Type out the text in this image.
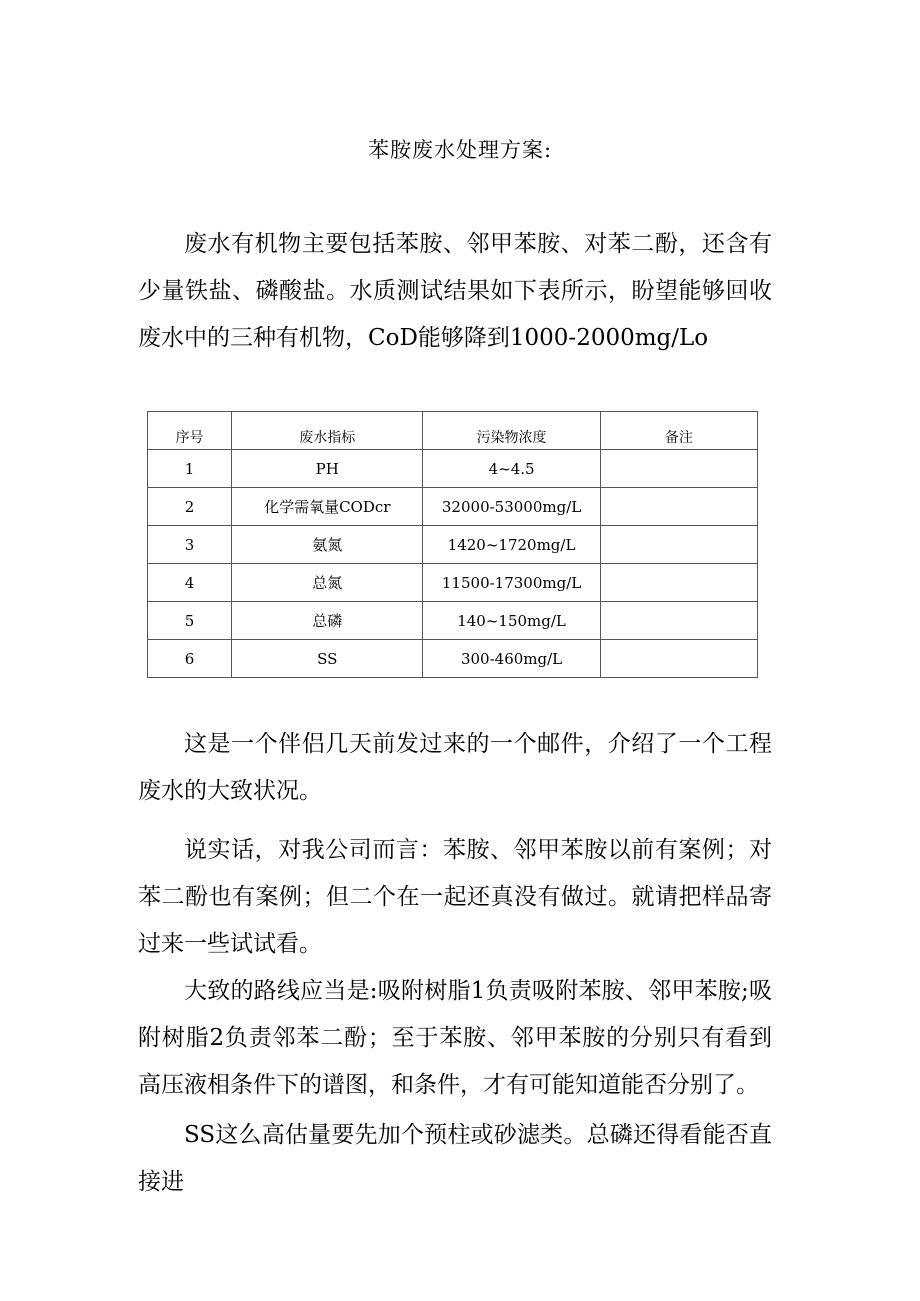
苯胺废水处理方案:

废水有机物主要包括苯胺、邻甲苯胺、对苯二酚，还含有少量铁盐、磷酸盐。水质测试结果如下表所示，盼望能够回收废水中的三种有机物，CoD能够降到1000-2000mg∕Lo

序号	废水指标	污染物浓度	备注
1	PH	4~4.5	
2	化学需氧量CODcr	32000-53000mg/L	
3	氨氮	1420~1720mg/L	
4	总氮	11500-17300mg/L	
5	总磷	140~150mg/L	
6	SS	300-460mg/L	

这是一个伴侣几天前发过来的一个邮件，介绍了一个工程废水的大致状况。

说实话，对我公司而言：苯胺、邻甲苯胺以前有案例；对苯二酚也有案例；但二个在一起还真没有做过。就请把样品寄过来一些试试看。

大致的路线应当是:吸附树脂1负责吸附苯胺、邻甲苯胺;吸附树脂2负责邻苯二酚；至于苯胺、邻甲苯胺的分别只有看到高压液相条件下的谱图，和条件，才有可能知道能否分别了。

SS这么高估量要先加个预柱或砂滤类。总磷还得看能否直接进
